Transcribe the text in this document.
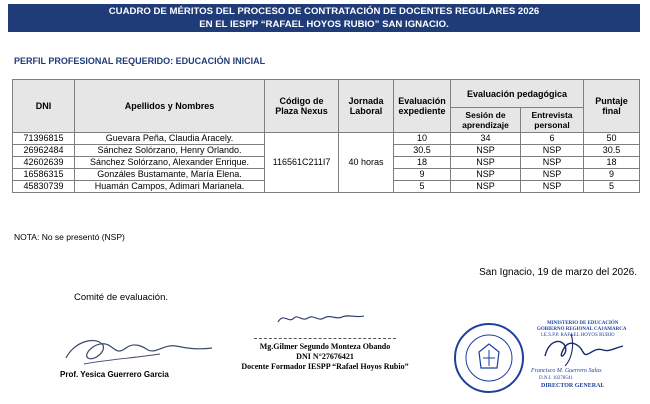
CUADRO DE MÉRITOS DEL PROCESO DE CONTRATACIÓN DE DOCENTES REGULARES 2026
EN EL IESPP “RAFAEL HOYOS RUBIO” SAN IGNACIO.
PERFIL PROFESIONAL REQUERIDO: EDUCACIÓN INICIAL
DNI	Apellidos y Nombres	Código de Plaza Nexus	Jornada Laboral	Evaluación expediente	Evaluación pedagógica		Puntaje final
					Sesión de aprendizaje	Entrevista personal	
71396815	Guevara Peña, Claudia Aracely.	116561C211I7	40 horas	10	34	6	50
26962484	Sánchez Solórzano, Henry Orlando.			30.5	NSP	NSP	30.5
42602639	Sánchez Solórzano, Alexander Enrique.			18	NSP	NSP	18
16586315	Gonzáles Bustamante, María Elena.			9	NSP	NSP	9
45830739	Huamán Campos, Adimari Marianela.			5	NSP	NSP	5
NOTA: No se presentó (NSP)
San Ignacio, 19 de marzo del 2026.
Comité de evaluación.
Prof. Yesica Guerrero Garcia
Mg.Gilmer Segundo Monteza Obando
DNI N°27676421
Docente Formador IESPP “Rafael Hoyos Rubio”
MINISTERIO DE EDUCACIÓN
GOBIERNO REGIONAL CAJAMARCA
I.E.S.P.P. RAFAEL HOYOS RUBIO
Francisco M. Guerrero Salas
D.N.I. 10278541
DIRECTOR GENERAL
